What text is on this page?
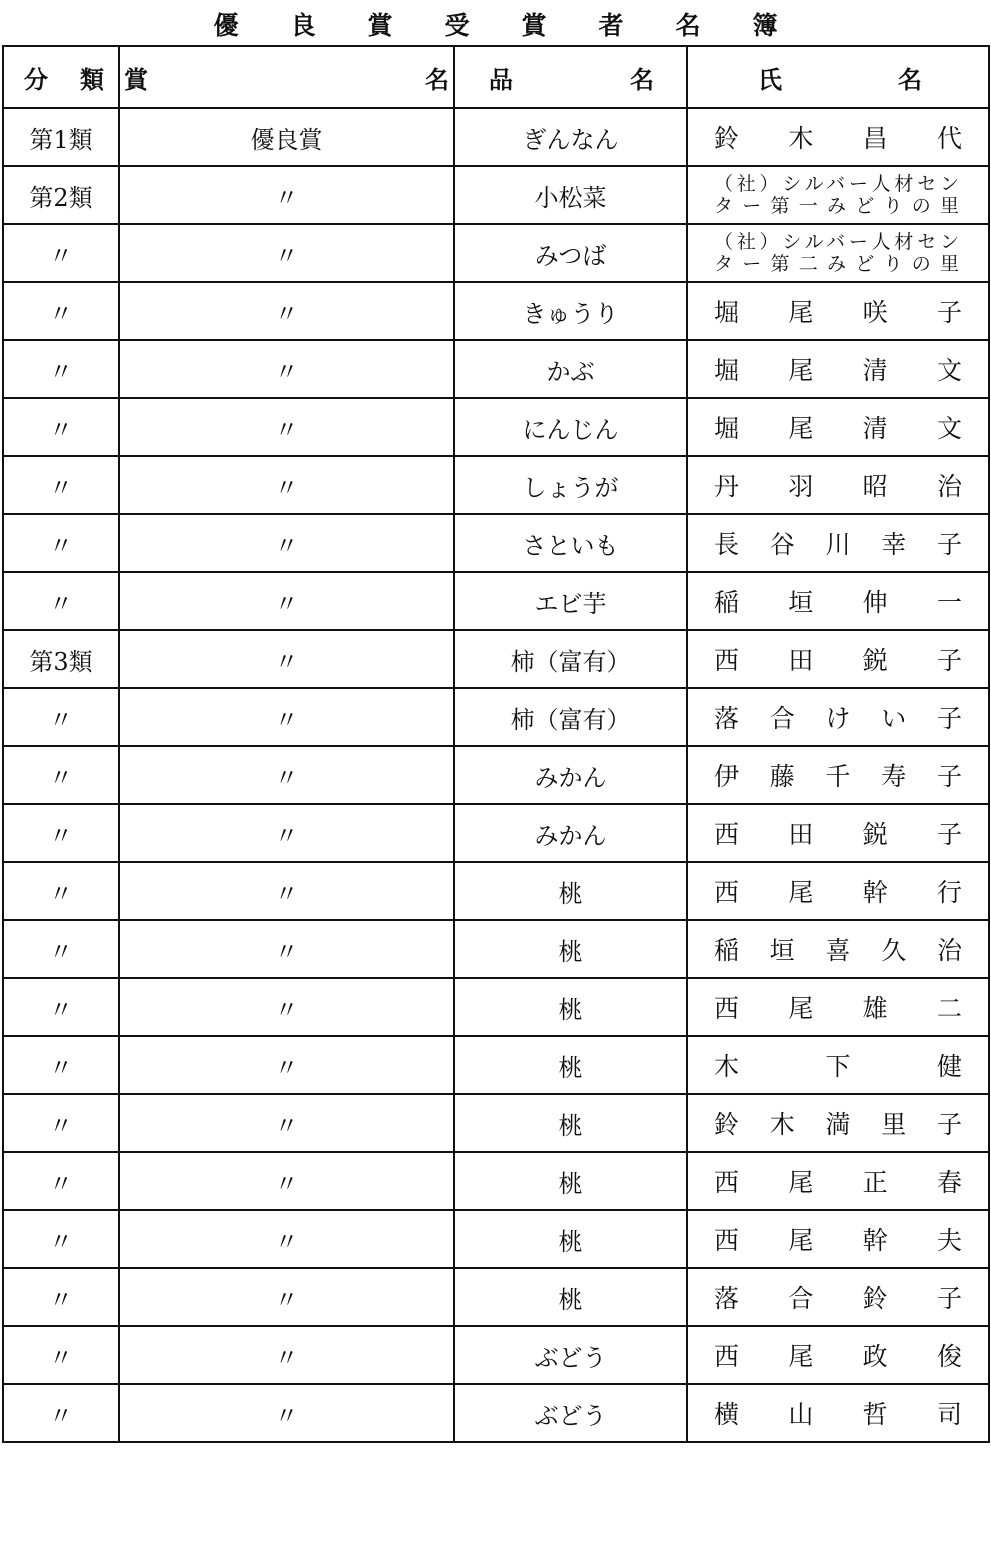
優 良 賞 受 賞 者 名 簿
分 類	賞 名	品 名	氏 名

第1類	優良賞	ぎんなん	鈴 木 昌 代

第2類	〃	小松菜	（社）シルバー人材セン
ター第一みどりの里

〃	〃	みつば	（社）シルバー人材セン
ター第二みどりの里

〃	〃	きゅうり	堀 尾 咲 子

〃	〃	かぶ	堀 尾 清 文

〃	〃	にんじん	堀 尾 清 文

〃	〃	しょうが	丹 羽 昭 治

〃	〃	さといも	長 谷 川 幸 子

〃	〃	エビ芋	稲 垣 伸 一

第3類	〃	柿（富有）	西 田 鋭 子

〃	〃	柿（富有）	落 合 け い 子

〃	〃	みかん	伊 藤 千 寿 子

〃	〃	みかん	西 田 鋭 子

〃	〃	桃	西 尾 幹 行

〃	〃	桃	稲 垣 喜 久 治

〃	〃	桃	西 尾 雄 二

〃	〃	桃	木 下 健

〃	〃	桃	鈴 木 満 里 子

〃	〃	桃	西 尾 正 春

〃	〃	桃	西 尾 幹 夫

〃	〃	桃	落 合 鈴 子

〃	〃	ぶどう	西 尾 政 俊

〃	〃	ぶどう	横 山 哲 司
